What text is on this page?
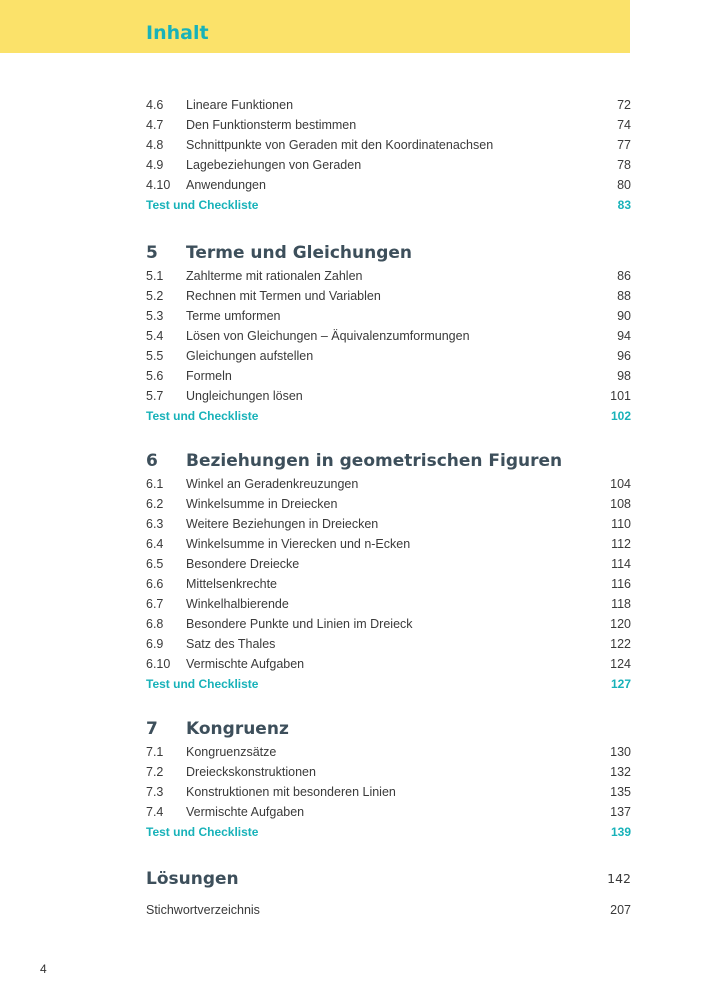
Inhalt
4.6 Lineare Funktionen	72
4.7 Den Funktionsterm bestimmen	74
4.8 Schnittpunkte von Geraden mit den Koordinatenachsen	77
4.9 Lagebeziehungen von Geraden	78
4.10 Anwendungen	80
Test und Checkliste	83
5 Terme und Gleichungen
5.1 Zahlterme mit rationalen Zahlen	86
5.2 Rechnen mit Termen und Variablen	88
5.3 Terme umformen	90
5.4 Lösen von Gleichungen – Äquivalenzumformungen	94
5.5 Gleichungen aufstellen	96
5.6 Formeln	98
5.7 Ungleichungen lösen	101
Test und Checkliste	102
6 Beziehungen in geometrischen Figuren
6.1 Winkel an Geradenkreuzungen	104
6.2 Winkelsumme in Dreiecken	108
6.3 Weitere Beziehungen in Dreiecken	110
6.4 Winkelsumme in Vierecken und n-Ecken	112
6.5 Besondere Dreiecke	114
6.6 Mittelsenkrechte	116
6.7 Winkelhalbierende	118
6.8 Besondere Punkte und Linien im Dreieck	120
6.9 Satz des Thales	122
6.10 Vermischte Aufgaben	124
Test und Checkliste	127
7 Kongruenz
7.1 Kongruenzsätze	130
7.2 Dreieckskonstruktionen	132
7.3 Konstruktionen mit besonderen Linien	135
7.4 Vermischte Aufgaben	137
Test und Checkliste	139
Lösungen	142
Stichwortverzeichnis	207
4
